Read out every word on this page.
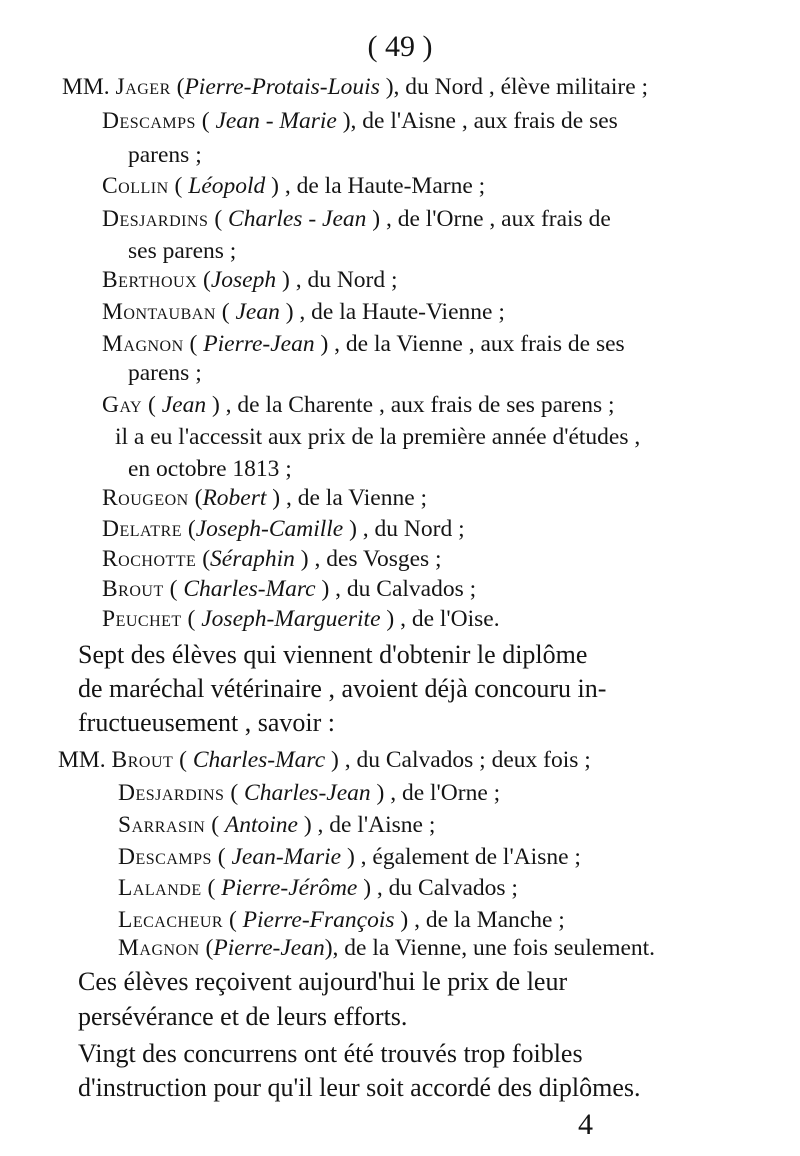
( 49 )
MM. Jager (Pierre-Protais-Louis ), du Nord , élève militaire ;
Descamps ( Jean - Marie ), de l'Aisne , aux frais de ses
parens ;
Collin ( Léopold ) , de la Haute-Marne ;
Desjardins ( Charles - Jean ) , de l'Orne , aux frais de
ses parens ;
Berthoux (Joseph ) , du Nord ;
Montauban ( Jean ) , de la Haute-Vienne ;
Magnon ( Pierre-Jean ) , de la Vienne , aux frais de ses
parens ;
Gay ( Jean ) , de la Charente , aux frais de ses parens ;
il a eu l'accessit aux prix de la première année d'études ,
en octobre 1813 ;
Rougeon (Robert ) , de la Vienne ;
Delatre (Joseph-Camille ) , du Nord ;
Rochotte (Séraphin ) , des Vosges ;
Brout ( Charles-Marc ) , du Calvados ;
Peuchet ( Joseph-Marguerite ) , de l'Oise.
Sept des élèves qui viennent d'obtenir le diplôme
de maréchal vétérinaire , avoient déjà concouru in-
fructueusement , savoir :
MM. Brout ( Charles-Marc ) , du Calvados ; deux fois ;
Desjardins ( Charles-Jean ) , de l'Orne ;
Sarrasin ( Antoine ) , de l'Aisne ;
Descamps ( Jean-Marie ) , également de l'Aisne ;
Lalande ( Pierre-Jérôme ) , du Calvados ;
Lecacheur ( Pierre-François ) , de la Manche ;
Magnon (Pierre-Jean), de la Vienne, une fois seulement.
Ces élèves reçoivent aujourd'hui le prix de leur
persévérance et de leurs efforts.
Vingt des concurrens ont été trouvés trop foibles
d'instruction pour qu'il leur soit accordé des diplômes.
4
